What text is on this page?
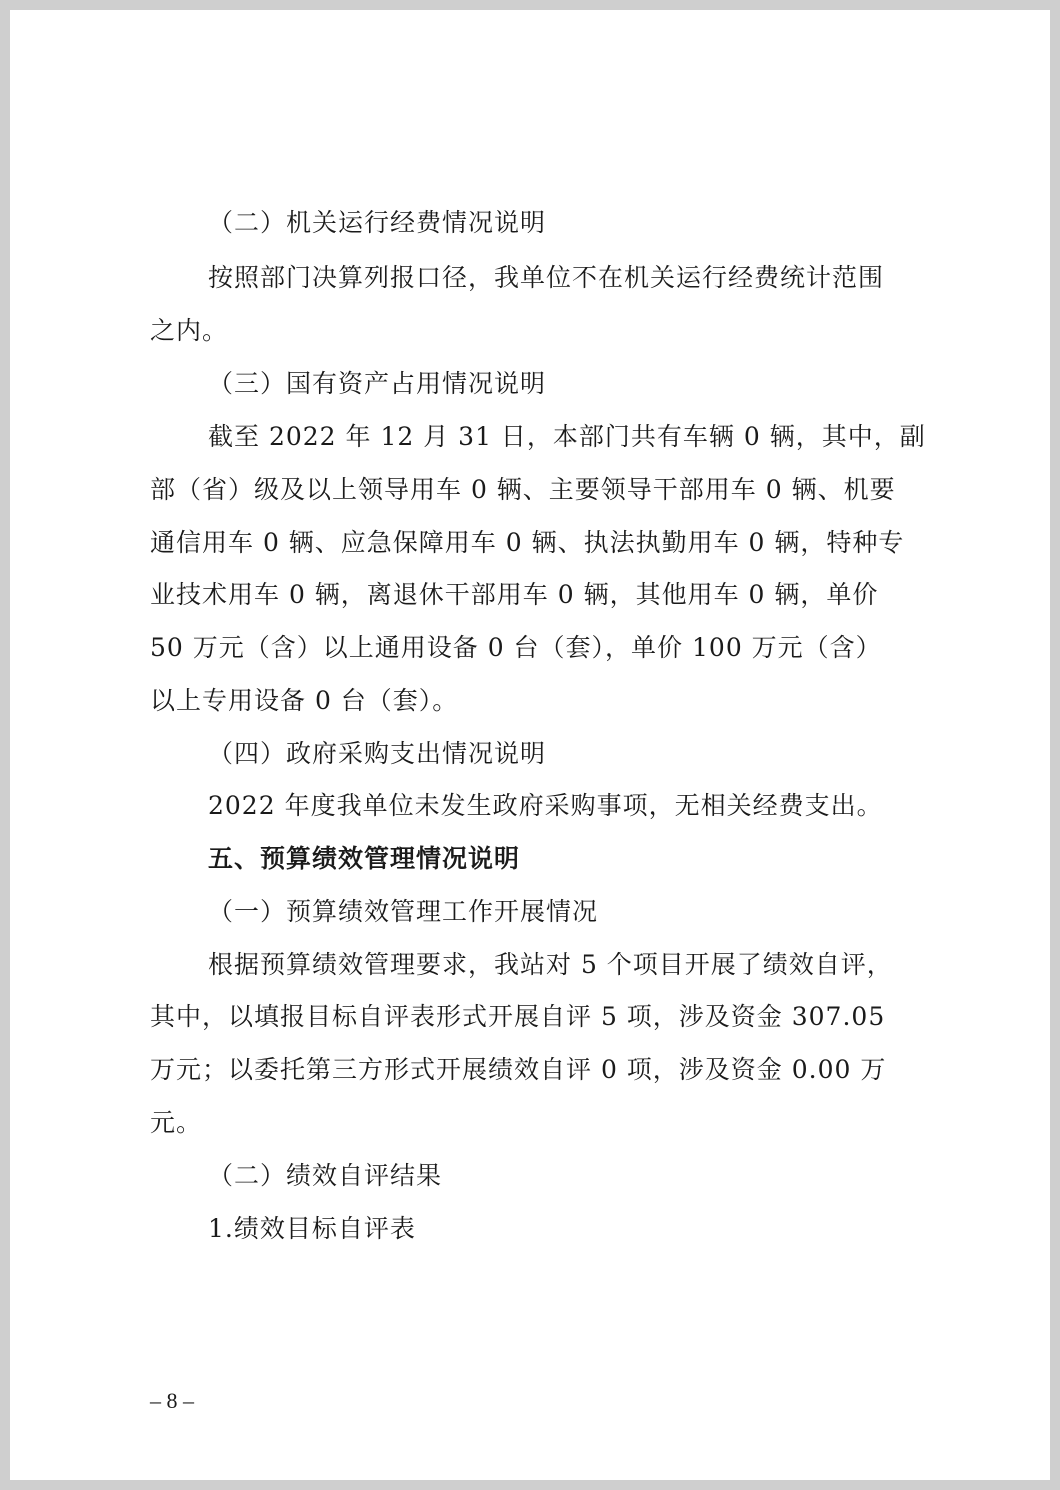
（二）机关运行经费情况说明
按照部门决算列报口径，我单位不在机关运行经费统计范围
之内。
（三）国有资产占用情况说明
截至 2022 年 12 月 31 日，本部门共有车辆 0 辆，其中，副
部（省）级及以上领导用车 0 辆、主要领导干部用车 0 辆、机要
通信用车 0 辆、应急保障用车 0 辆、执法执勤用车 0 辆，特种专
业技术用车 0 辆，离退休干部用车 0 辆，其他用车 0 辆，单价
50 万元（含）以上通用设备 0 台（套），单价 100 万元（含）
以上专用设备 0 台（套）。
（四）政府采购支出情况说明
2022 年度我单位未发生政府采购事项，无相关经费支出。
五、预算绩效管理情况说明
（一）预算绩效管理工作开展情况
根据预算绩效管理要求，我站对 5 个项目开展了绩效自评，
其中，以填报目标自评表形式开展自评 5 项，涉及资金 307.05
万元；以委托第三方形式开展绩效自评 0 项，涉及资金 0.00 万
元。
（二）绩效自评结果
1.绩效目标自评表
– 8 –
